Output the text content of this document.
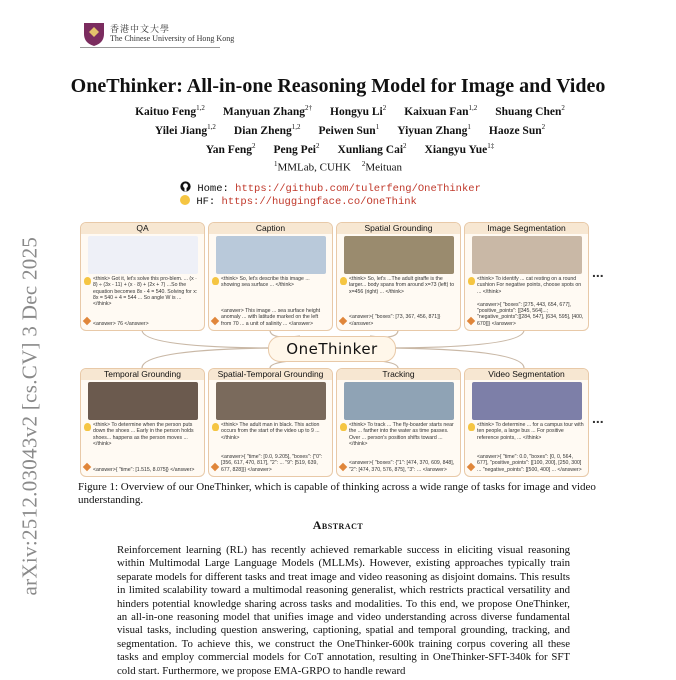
香港中文大學
The Chinese University of Hong Kong
arXiv:2512.03043v2 [cs.CV] 3 Dec 2025
OneThinker: All-in-one Reasoning Model for Image and Video
Kaituo Feng$^{1,2}$ Manyuan Zhang$^{2\dagger}$ Hongyu Li$^2$ Kaixuan Fan$^{1,2}$ Shuang Chen$^2$
Yilei Jiang$^{1,2}$ Dian Zheng$^{1,2}$ Peiwen Sun$^1$ Yiyuan Zhang$^1$ Haoze Sun$^2$
Yan Feng$^2$ Peng Pei$^2$ Xunliang Cai$^2$ Xiangyu Yue$^{1\ddagger}$
$^1$MMLab, CUHK $^2$Meituan
Home: https://github.com/tulerfeng/OneThinker
HF: https://huggingface.co/OneThink
QA
<think> Got it, let's solve this pro-blem. ... (x · 8) ÷ (3x - 11) + (x · 8) + (2x + 7) ...So the equation becomes 8x - 4 = 540. Solving for x: 8x = 540 + 4 = 544 ... So angle W is ... </think>
<answer> 76 </answer>
Caption
<think> So, let's describe this image ... showing sea surface ... </think>
<answer> This image ... sea surface height anomaly ... with latitude marked on the left from 70 ... a unit of salinity ... </answer>
Spatial Grounding
<think> So, let's ...The adult giraffe is the larger... body spans from around x=73 (left) to x=456 (right) ... </think>
<answer>{ "boxes": [73, 367, 456, 871]}</answer>
Image Segmentation
<think> To identify ... cat resting on a round cushion For negative points, choose spots on ... </think>
<answer>{ "boxes": [275, 443, 654, 677], "positive_points": [[345, 564]...; "negative_points":[[284, 547], [634, 595], [400, 670]]} </answer>
Temporal Grounding
<think> To determine when the person puts down the shoes ... Early in the person holds shoes... happens as the person moves ... </think>
<answer>{ "time": [1.515, 8.075]} </answer>
Spatial-Temporal Grounding
<think> The adult man in black. This action occurs from the start of the video up to 9 ... </think>
<answer>{ "time": [0.0, 9.205], "boxes": {"0": [356, 617, 470, 817], "2": ... "9": [519, 639, 677, 828]}} </answer>
Tracking
<think> To track ... The fly-boarder starts near the ... farther into the water as time passes. Over ... person's position shifts toward ... </think>
<answer>{ "boxes": {"1": [474, 370, 609, 848], "2": [474, 370, 576, 875], "3": ... </answer>
Video Segmentation
<think> To determine ... for a campus tour with ten people, a large bus ... For positive reference points, ... </think>
<answer>{ "time": 0.0, "boxes": [0, 0, 564, 677], "positive_points": [[100, 200], [250, 300] ... "negative_points": [[500, 400] ... </answer>
OneThinker
...
...
Figure 1: Overview of our OneThinker, which is capable of thinking across a wide range of tasks for image and video understanding.
Abstract
Reinforcement learning (RL) has recently achieved remarkable success in eliciting visual reasoning within Multimodal Large Language Models (MLLMs). However, existing approaches typically train separate models for different tasks and treat image and video reasoning as disjoint domains. This results in limited scalability toward a multimodal reasoning generalist, which restricts practical versatility and hinders potential knowledge sharing across tasks and modalities. To this end, we propose OneThinker, an all-in-one reasoning model that unifies image and video understanding across diverse fundamental visual tasks, including question answering, captioning, spatial and temporal grounding, tracking, and segmentation. To achieve this, we construct the OneThinker-600k training corpus covering all these tasks and employ commercial models for CoT annotation, resulting in OneThinker-SFT-340k for SFT cold start. Furthermore, we propose EMA-GRPO to handle reward
